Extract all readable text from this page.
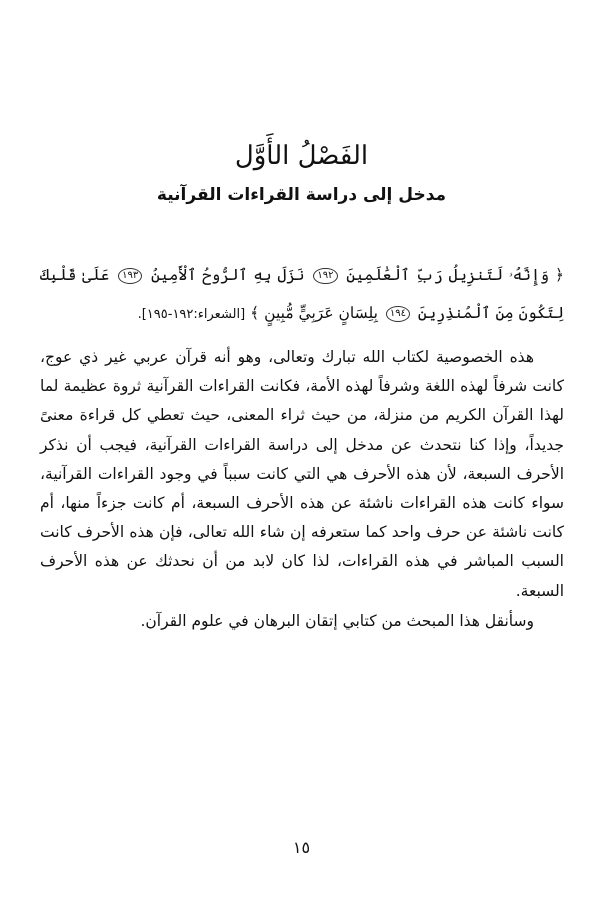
الفَصْلُ الأَوَّل
مدخل إلى دراسة القراءات القرآنية
﴿ وَإِنَّهُۥ لَتَنزِيلُ رَبِّ ٱلْعَٰلَمِينَ ١٩٢ نَزَلَ بِهِ ٱلرُّوحُ ٱلْأَمِينُ ١٩٣ عَلَىٰ قَلْبِكَ لِتَكُونَ مِنَ ٱلْمُنذِرِينَ ١٩٤ بِلِسَانٍ عَرَبِيٍّ مُّبِينٍ ﴾ [الشعراء:١٩٢-١٩٥].

هذه الخصوصية لكتاب الله تبارك وتعالى، وهو أنه قرآن عربي غير ذي عوج، كانت شرفاً لهذه اللغة وشرفاً لهذه الأمة، فكانت القراءات القرآنية ثروة عظيمة لما لهذا القرآن الكريم من منزلة، من حيث ثراء المعنى، حيث تعطي كل قراءة معنىً جديداً، وإذا كنا نتحدث عن مدخل إلى دراسة القراءات القرآنية، فيجب أن نذكر الأحرف السبعة، لأن هذه الأحرف هي التي كانت سبباً في وجود القراءات القرآنية، سواء كانت هذه القراءات ناشئة عن هذه الأحرف السبعة، أم كانت جزءاً منها، أم كانت ناشئة عن حرف واحد كما ستعرفه إن شاء الله تعالى، فإن هذه الأحرف كانت السبب المباشر في هذه القراءات، لذا كان لابد من أن نحدثك عن هذه الأحرف السبعة.

وسأنقل هذا المبحث من كتابي إتقان البرهان في علوم القرآن.

١٥
